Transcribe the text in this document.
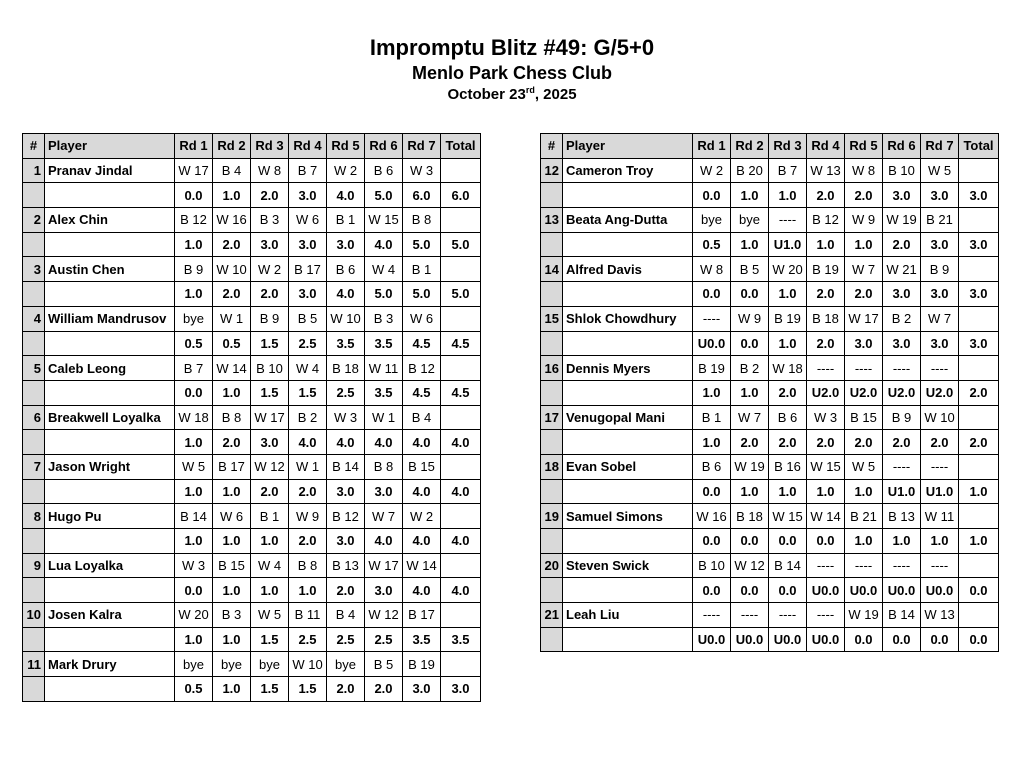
Impromptu Blitz #49: G/5+0
Menlo Park Chess Club
October 23rd, 2025
#	Player	Rd 1	Rd 2	Rd 3	Rd 4	Rd 5	Rd 6	Rd 7	Total
1	Pranav Jindal	W 17	B 4	W 8	B 7	W 2	B 6	W 3	
		0.0	1.0	2.0	3.0	4.0	5.0	6.0	6.0
2	Alex Chin	B 12	W 16	B 3	W 6	B 1	W 15	B 8	
		1.0	2.0	3.0	3.0	3.0	4.0	5.0	5.0
3	Austin Chen	B 9	W 10	W 2	B 17	B 6	W 4	B 1	
		1.0	2.0	2.0	3.0	4.0	5.0	5.0	5.0
4	William Mandrusov	bye	W 1	B 9	B 5	W 10	B 3	W 6	
		0.5	0.5	1.5	2.5	3.5	3.5	4.5	4.5
5	Caleb Leong	B 7	W 14	B 10	W 4	B 18	W 11	B 12	
		0.0	1.0	1.5	1.5	2.5	3.5	4.5	4.5
6	Breakwell Loyalka	W 18	B 8	W 17	B 2	W 3	W 1	B 4	
		1.0	2.0	3.0	4.0	4.0	4.0	4.0	4.0
7	Jason Wright	W 5	B 17	W 12	W 1	B 14	B 8	B 15	
		1.0	1.0	2.0	2.0	3.0	3.0	4.0	4.0
8	Hugo Pu	B 14	W 6	B 1	W 9	B 12	W 7	W 2	
		1.0	1.0	1.0	2.0	3.0	4.0	4.0	4.0
9	Lua Loyalka	W 3	B 15	W 4	B 8	B 13	W 17	W 14	
		0.0	1.0	1.0	1.0	2.0	3.0	4.0	4.0
10	Josen Kalra	W 20	B 3	W 5	B 11	B 4	W 12	B 17	
		1.0	1.0	1.5	2.5	2.5	2.5	3.5	3.5
11	Mark Drury	bye	bye	bye	W 10	bye	B 5	B 19	
		0.5	1.0	1.5	1.5	2.0	2.0	3.0	3.0
#	Player	Rd 1	Rd 2	Rd 3	Rd 4	Rd 5	Rd 6	Rd 7	Total
12	Cameron Troy	W 2	B 20	B 7	W 13	W 8	B 10	W 5	
		0.0	1.0	1.0	2.0	2.0	3.0	3.0	3.0
13	Beata Ang-Dutta	bye	bye	----	B 12	W 9	W 19	B 21	
		0.5	1.0	U1.0	1.0	1.0	2.0	3.0	3.0
14	Alfred Davis	W 8	B 5	W 20	B 19	W 7	W 21	B 9	
		0.0	0.0	1.0	2.0	2.0	3.0	3.0	3.0
15	Shlok Chowdhury	----	W 9	B 19	B 18	W 17	B 2	W 7	
		U0.0	0.0	1.0	2.0	3.0	3.0	3.0	3.0
16	Dennis Myers	B 19	B 2	W 18	----	----	----	----	
		1.0	1.0	2.0	U2.0	U2.0	U2.0	U2.0	2.0
17	Venugopal Mani	B 1	W 7	B 6	W 3	B 15	B 9	W 10	
		1.0	2.0	2.0	2.0	2.0	2.0	2.0	2.0
18	Evan Sobel	B 6	W 19	B 16	W 15	W 5	----	----	
		0.0	1.0	1.0	1.0	1.0	U1.0	U1.0	1.0
19	Samuel Simons	W 16	B 18	W 15	W 14	B 21	B 13	W 11	
		0.0	0.0	0.0	0.0	1.0	1.0	1.0	1.0
20	Steven Swick	B 10	W 12	B 14	----	----	----	----	
		0.0	0.0	0.0	U0.0	U0.0	U0.0	U0.0	0.0
21	Leah Liu	----	----	----	----	W 19	B 14	W 13	
		U0.0	U0.0	U0.0	U0.0	0.0	0.0	0.0	0.0
